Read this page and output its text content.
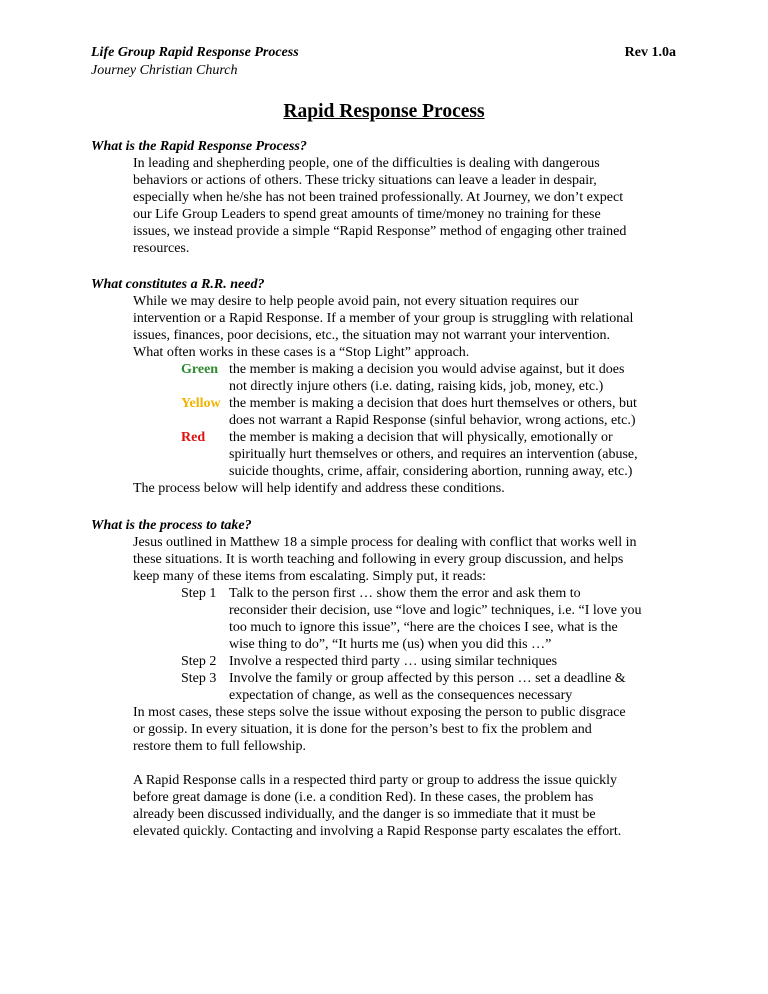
Life Group Rapid Response Process
Journey Christian Church
Rev 1.0a
Rapid Response Process
What is the Rapid Response Process?
In leading and shepherding people, one of the difficulties is dealing with dangerous
behaviors or actions of others. These tricky situations can leave a leader in despair,
especially when he/she has not been trained professionally. At Journey, we don’t expect
our Life Group Leaders to spend great amounts of time/money no training for these
issues, we instead provide a simple “Rapid Response” method of engaging other trained
resources.
What constitutes a R.R. need?
While we may desire to help people avoid pain, not every situation requires our
intervention or a Rapid Response. If a member of your group is struggling with relational
issues, finances, poor decisions, etc., the situation may not warrant your intervention.
What often works in these cases is a “Stop Light” approach.
Green the member is making a decision you would advise against, but it does
not directly injure others (i.e. dating, raising kids, job, money, etc.)
Yellow the member is making a decision that does hurt themselves or others, but
does not warrant a Rapid Response (sinful behavior, wrong actions, etc.)
Red the member is making a decision that will physically, emotionally or
spiritually hurt themselves or others, and requires an intervention (abuse,
suicide thoughts, crime, affair, considering abortion, running away, etc.)
The process below will help identify and address these conditions.
What is the process to take?
Jesus outlined in Matthew 18 a simple process for dealing with conflict that works well in
these situations. It is worth teaching and following in every group discussion, and helps
keep many of these items from escalating. Simply put, it reads:
Step 1 Talk to the person first … show them the error and ask them to
reconsider their decision, use “love and logic” techniques, i.e. “I love you
too much to ignore this issue”, “here are the choices I see, what is the
wise thing to do”, “It hurts me (us) when you did this …”
Step 2 Involve a respected third party … using similar techniques
Step 3 Involve the family or group affected by this person … set a deadline &
expectation of change, as well as the consequences necessary
In most cases, these steps solve the issue without exposing the person to public disgrace
or gossip. In every situation, it is done for the person’s best to fix the problem and
restore them to full fellowship.
A Rapid Response calls in a respected third party or group to address the issue quickly
before great damage is done (i.e. a condition Red). In these cases, the problem has
already been discussed individually, and the danger is so immediate that it must be
elevated quickly. Contacting and involving a Rapid Response party escalates the effort.
